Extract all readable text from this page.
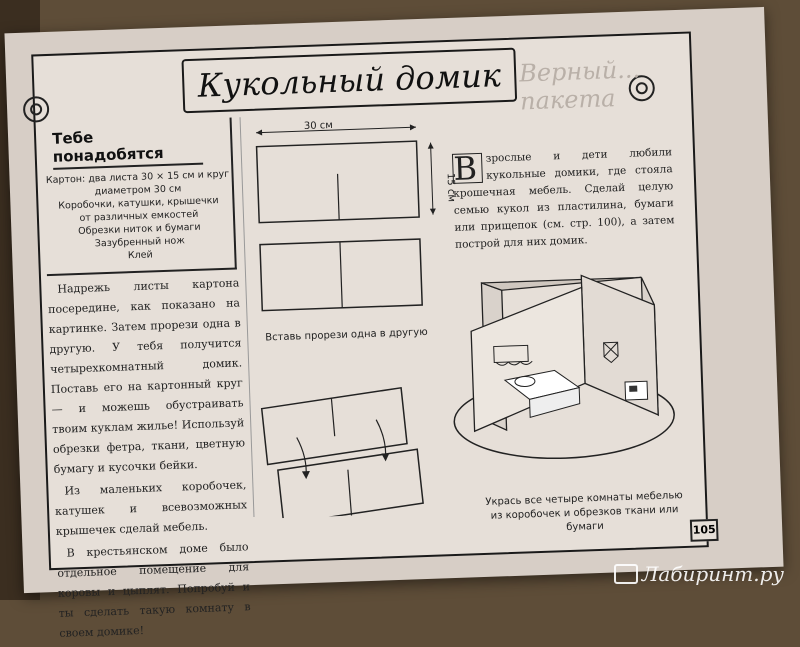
Верный... пакета
Кукольный домик
Тебе понадобятся
Картон: два листа 30 × 15 см и круг
диаметром 30 см
Коробочки, катушки, крышечки
от различных емкостей
Обрезки ниток и бумаги
Зазубренный нож
Клей

Надрежь листы картона посередине, как показано на картинке. Затем прорези одна в другую. У тебя получится четырехкомнатный домик. Поставь его на картонный круг — и можешь обустраивать твоим куклам жилье! Используй обрезки фетра, ткани, цветную бумагу и кусочки бейки.

Из маленьких коробочек, катушек и всевозможных крышечек сделай мебель.

В крестьянском доме было отдельное помещение для коровы и цыплят. Попробуй и ты сделать такую комнату в своем домике!

30 см
15 см
Вставь прорези одна в другую
В зрослые и дети любили кукольные домики, где стояла крошечная мебель. Сделай целую семью кукол из пластилина, бумаги или прищепок (см. стр. 100), а затем построй для них домик.
Укрась все четыре комнаты мебелью из коробочек и обрезков ткани или бумаги	105
Лабиринт.ру
